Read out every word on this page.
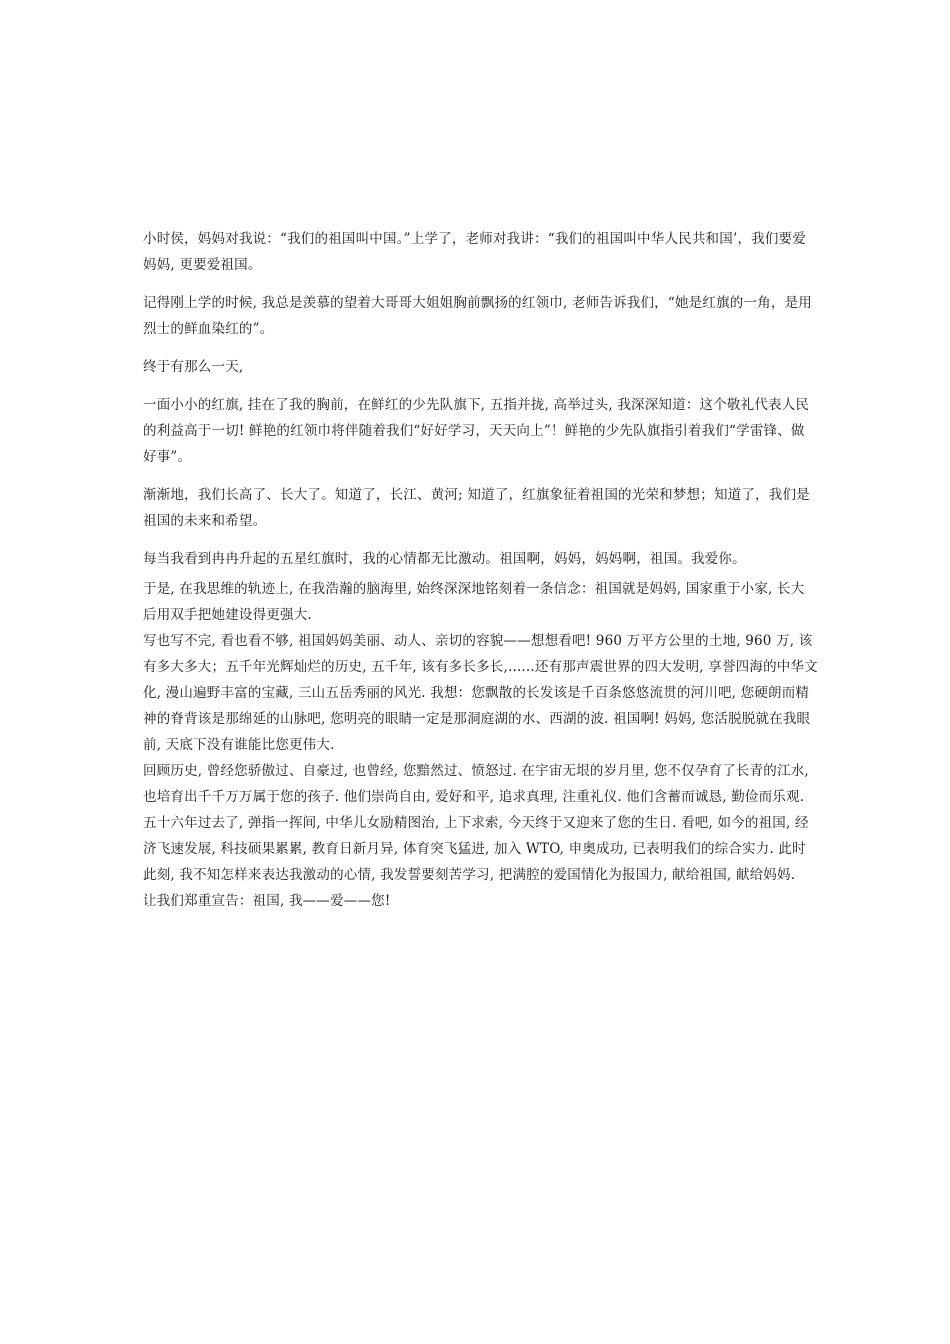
小时侯，妈妈对我说：“我们的祖国叫中国。”上学了，老师对我讲：“我们的祖国叫中华人民共和国’，我们要爱妈妈, 更要爱祖国。

记得刚上学的时候, 我总是羡慕的望着大哥哥大姐姐胸前飘扬的红领巾, 老师告诉我们，“她是红旗的一角，是用烈士的鲜血染红的”。

终于有那么一天,

一面小小的红旗, 挂在了我的胸前，在鲜红的少先队旗下, 五指并拢, 高举过头, 我深深知道：这个敬礼代表人民的利益高于一切! 鲜艳的红领巾将伴随着我们“好好学习，天天向上”！鲜艳的少先队旗指引着我们“学雷锋、做好事”。

渐渐地，我们长高了、长大了。知道了，长江、黄河; 知道了，红旗象征着祖国的光荣和梦想；知道了，我们是祖国的未来和希望。

每当我看到冉冉升起的五星红旗时，我的心情都无比激动。祖国啊，妈妈，妈妈啊，祖国。我爱你。

于是, 在我思维的轨迹上, 在我浩瀚的脑海里, 始终深深地铭刻着一条信念：祖国就是妈妈, 国家重于小家, 长大后用双手把她建设得更强大.

写也写不完, 看也看不够, 祖国妈妈美丽、动人、亲切的容貌——想想看吧! 960 万平方公里的土地, 960 万, 该有多大多大；五千年光辉灿烂的历史, 五千年, 该有多长多长,......还有那声震世界的四大发明, 享誉四海的中华文化, 漫山遍野丰富的宝藏, 三山五岳秀丽的风光. 我想：您飘散的长发该是千百条悠悠流贯的河川吧, 您硬朗而精神的脊背该是那绵延的山脉吧, 您明亮的眼睛一定是那洞庭湖的水、西湖的波. 祖国啊! 妈妈, 您活脱脱就在我眼前, 天底下没有谁能比您更伟大.

回顾历史, 曾经您骄傲过、自豪过, 也曾经, 您黯然过、愤怒过. 在宇宙无垠的岁月里, 您不仅孕育了长青的江水, 也培育出千千万万属于您的孩子. 他们崇尚自由, 爱好和平, 追求真理, 注重礼仪. 他们含蓄而诚恳, 勤俭而乐观. 五十六年过去了, 弹指一挥间, 中华儿女励精图治, 上下求索, 今天终于又迎来了您的生日. 看吧, 如今的祖国, 经济飞速发展, 科技硕果累累, 教育日新月异, 体育突飞猛进, 加入 WTO, 申奥成功, 已表明我们的综合实力. 此时此刻, 我不知怎样来表达我激动的心情, 我发誓要刻苦学习, 把满腔的爱国情化为报国力, 献给祖国, 献给妈妈.

让我们郑重宣告：祖国, 我——爱——您!
